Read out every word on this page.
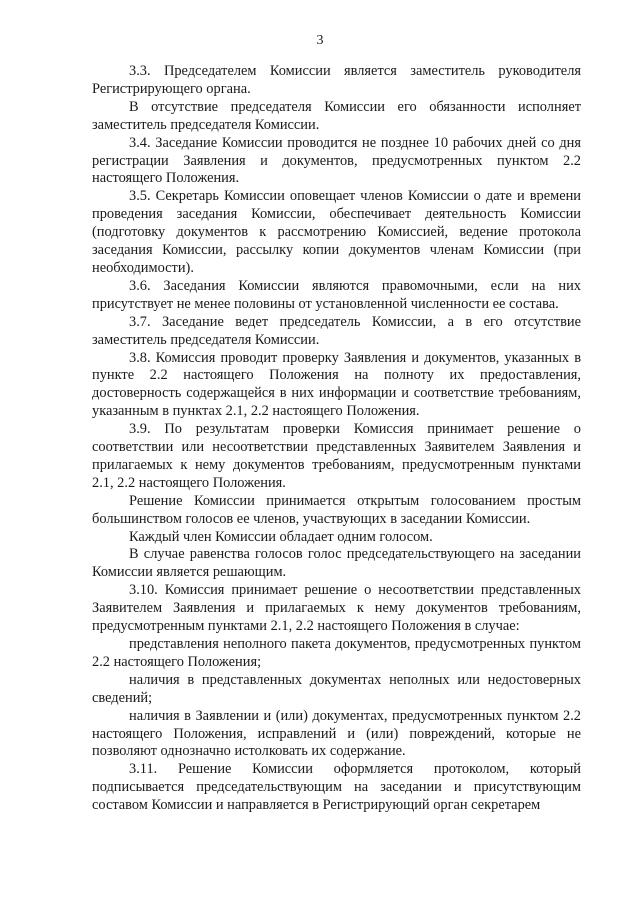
3

3.3. Председателем Комиссии является заместитель руководителя Регистрирующего органа.

В отсутствие председателя Комиссии его обязанности исполняет заместитель председателя Комиссии.

3.4. Заседание Комиссии проводится не позднее 10 рабочих дней со дня регистрации Заявления и документов, предусмотренных пунктом 2.2 настоящего Положения.

3.5. Секретарь Комиссии оповещает членов Комиссии о дате и времени проведения заседания Комиссии, обеспечивает деятельность Комиссии (подготовку документов к рассмотрению Комиссией, ведение протокола заседания Комиссии, рассылку копии документов членам Комиссии (при необходимости).

3.6. Заседания Комиссии являются правомочными, если на них присутствует не менее половины от установленной численности ее состава.

3.7. Заседание ведет председатель Комиссии, а в его отсутствие заместитель председателя Комиссии.

3.8. Комиссия проводит проверку Заявления и документов, указанных в пункте 2.2 настоящего Положения на полноту их предоставления, достоверность содержащейся в них информации и соответствие требованиям, указанным в пунктах 2.1, 2.2 настоящего Положения.

3.9. По результатам проверки Комиссия принимает решение о соответствии или несоответствии представленных Заявителем Заявления и прилагаемых к нему документов требованиям, предусмотренным пунктами 2.1, 2.2 настоящего Положения.

Решение Комиссии принимается открытым голосованием простым большинством голосов ее членов, участвующих в заседании Комиссии.

Каждый член Комиссии обладает одним голосом.

В случае равенства голосов голос председательствующего на заседании Комиссии является решающим.

3.10. Комиссия принимает решение о несоответствии представленных Заявителем Заявления и прилагаемых к нему документов требованиям, предусмотренным пунктами 2.1, 2.2 настоящего Положения в случае:

представления неполного пакета документов, предусмотренных пунктом 2.2 настоящего Положения;

наличия в представленных документах неполных или недостоверных сведений;

наличия в Заявлении и (или) документах, предусмотренных пунктом 2.2 настоящего Положения, исправлений и (или) повреждений, которые не позволяют однозначно истолковать их содержание.

3.11. Решение Комиссии оформляется протоколом, который подписывается председательствующим на заседании и присутствующим составом Комиссии и направляется в Регистрирующий орган секретарем
